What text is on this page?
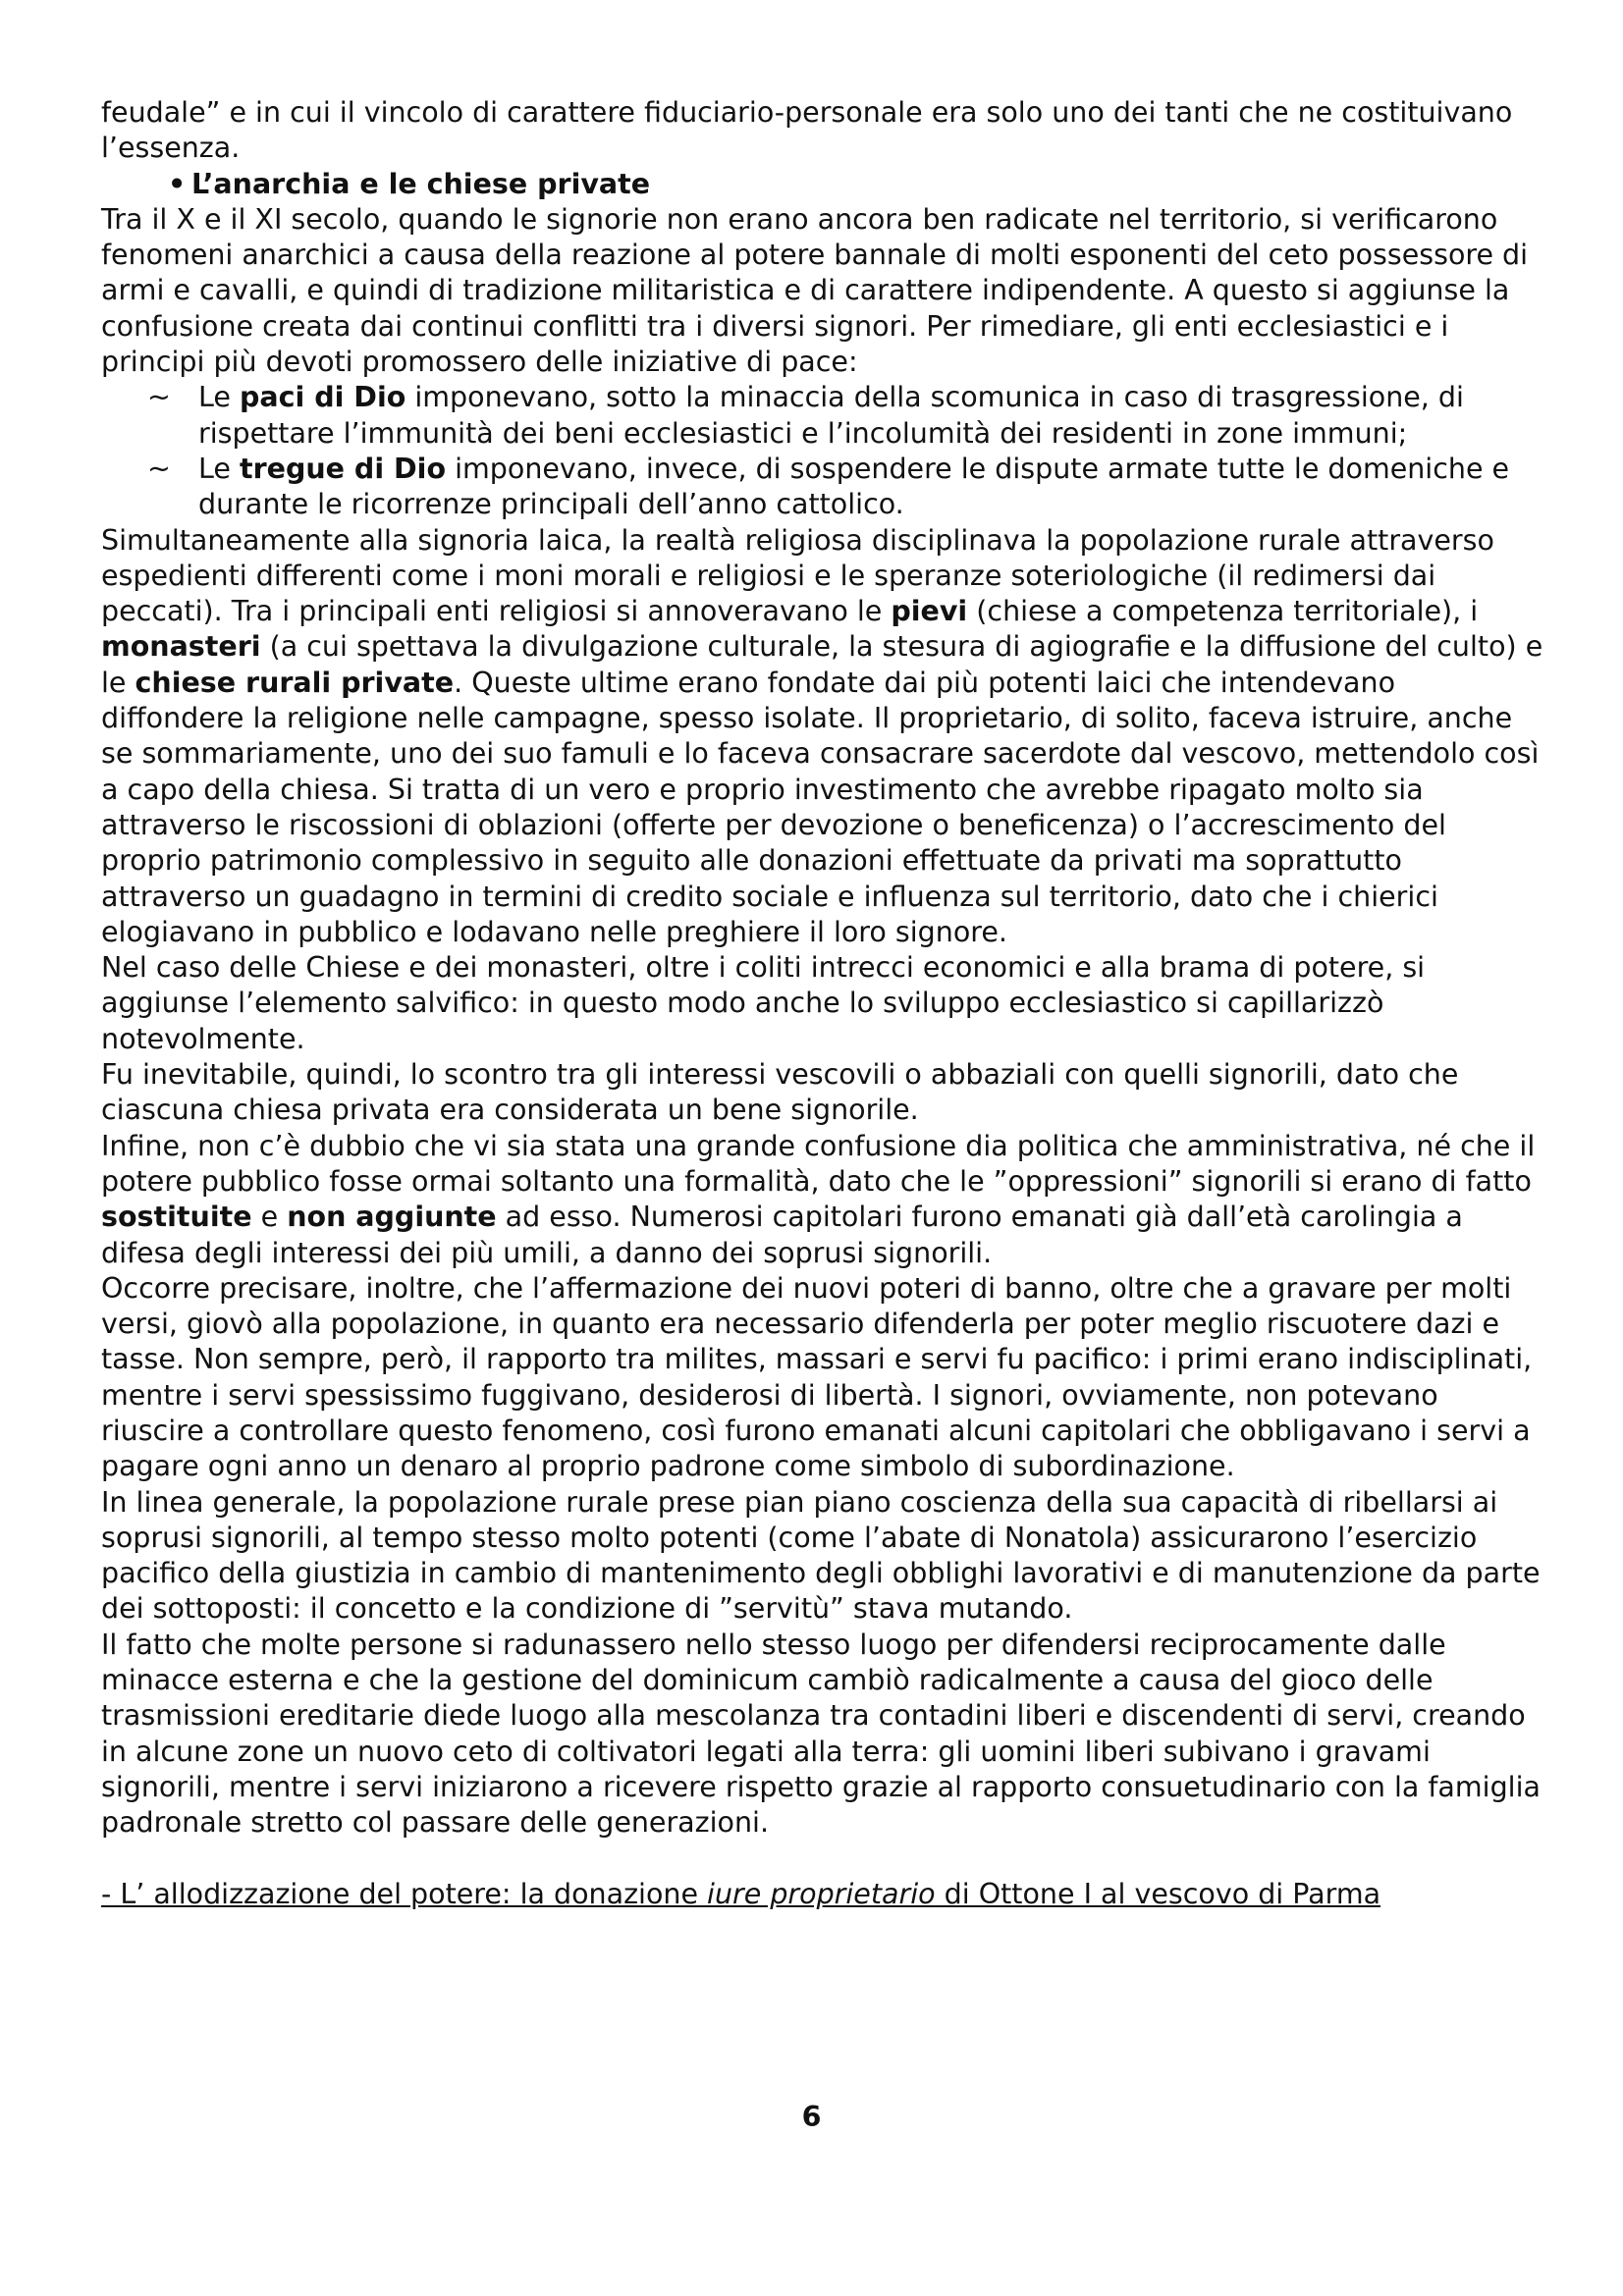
feudale” e in cui il vincolo di carattere fiduciario-personale era solo uno dei tanti che ne costituivano l’essenza.

• L’anarchia e le chiese private

Tra il X e il XI secolo, quando le signorie non erano ancora ben radicate nel territorio, si verificarono fenomeni anarchici a causa della reazione al potere bannale di molti esponenti del ceto possessore di armi e cavalli, e quindi di tradizione militaristica e di carattere indipendente. A questo si aggiunse la confusione creata dai continui conflitti tra i diversi signori. Per rimediare, gli enti ecclesiastici e i principi più devoti promossero delle iniziative di pace:

~ Le paci di Dio imponevano, sotto la minaccia della scomunica in caso di trasgressione, di rispettare l’immunità dei beni ecclesiastici e l’incolumità dei residenti in zone immuni;

~ Le tregue di Dio imponevano, invece, di sospendere le dispute armate tutte le domeniche e durante le ricorrenze principali dell’anno cattolico.

Simultaneamente alla signoria laica, la realtà religiosa disciplinava la popolazione rurale attraverso espedienti differenti come i moni morali e religiosi e le speranze soteriologiche (il redimersi dai peccati). Tra i principali enti religiosi si annoveravano le pievi (chiese a competenza territoriale), i monasteri (a cui spettava la divulgazione culturale, la stesura di agiografie e la diffusione del culto) e le chiese rurali private. Queste ultime erano fondate dai più potenti laici che intendevano diffondere la religione nelle campagne, spesso isolate. Il proprietario, di solito, faceva istruire, anche se sommariamente, uno dei suo famuli e lo faceva consacrare sacerdote dal vescovo, mettendolo così a capo della chiesa. Si tratta di un vero e proprio investimento che avrebbe ripagato molto sia attraverso le riscossioni di oblazioni (offerte per devozione o beneficenza) o l’accrescimento del proprio patrimonio complessivo in seguito alle donazioni effettuate da privati ma soprattutto attraverso un guadagno in termini di credito sociale e influenza sul territorio, dato che i chierici elogiavano in pubblico e lodavano nelle preghiere il loro signore.

Nel caso delle Chiese e dei monasteri, oltre i coliti intrecci economici e alla brama di potere, si aggiunse l’elemento salvifico: in questo modo anche lo sviluppo ecclesiastico si capillarizzò notevolmente.

Fu inevitabile, quindi, lo scontro tra gli interessi vescovili o abbaziali con quelli signorili, dato che ciascuna chiesa privata era considerata un bene signorile.

Infine, non c’è dubbio che vi sia stata una grande confusione dia politica che amministrativa, né che il potere pubblico fosse ormai soltanto una formalità, dato che le ”oppressioni” signorili si erano di fatto sostituite e non aggiunte ad esso. Numerosi capitolari furono emanati già dall’età carolingia a difesa degli interessi dei più umili, a danno dei soprusi signorili.

Occorre precisare, inoltre, che l’affermazione dei nuovi poteri di banno, oltre che a gravare per molti versi, giovò alla popolazione, in quanto era necessario difenderla per poter meglio riscuotere dazi e tasse. Non sempre, però, il rapporto tra milites, massari e servi fu pacifico: i primi erano indisciplinati, mentre i servi spessissimo fuggivano, desiderosi di libertà. I signori, ovviamente, non potevano riuscire a controllare questo fenomeno, così furono emanati alcuni capitolari che obbligavano i servi a pagare ogni anno un denaro al proprio padrone come simbolo di subordinazione.

In linea generale, la popolazione rurale prese pian piano coscienza della sua capacità di ribellarsi ai soprusi signorili, al tempo stesso molto potenti (come l’abate di Nonatola) assicurarono l’esercizio pacifico della giustizia in cambio di mantenimento degli obblighi lavorativi e di manutenzione da parte dei sottoposti: il concetto e la condizione di ”servitù” stava mutando.

Il fatto che molte persone si radunassero nello stesso luogo per difendersi reciprocamente dalle minacce esterna e che la gestione del dominicum cambiò radicalmente a causa del gioco delle trasmissioni ereditarie diede luogo alla mescolanza tra contadini liberi e discendenti di servi, creando in alcune zone un nuovo ceto di coltivatori legati alla terra: gli uomini liberi subivano i gravami signorili, mentre i servi iniziarono a ricevere rispetto grazie al rapporto consuetudinario con la famiglia padronale stretto col passare delle generazioni.

- L’ allodizzazione del potere: la donazione iure proprietario di Ottone I al vescovo di Parma

6
